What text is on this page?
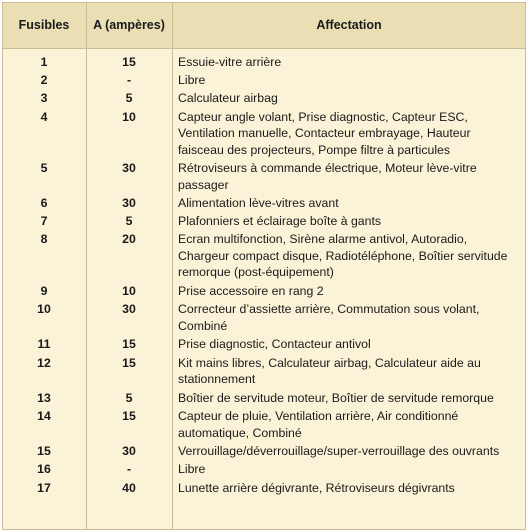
Fusibles	A (ampères)	Affectation
1	15	Essuie-vitre arrière
2	-	Libre
3	5	Calculateur airbag
4	10	Capteur angle volant, Prise diagnostic, Capteur ESC, Ventilation manuelle, Contacteur embrayage, Hauteur faisceau des projecteurs, Pompe filtre à particules
5	30	Rétroviseurs à commande électrique, Moteur lève-vitre passager
6	30	Alimentation lève-vitres avant
7	5	Plafonniers et éclairage boîte à gants
8	20	Ecran multifonction, Sirène alarme antivol, Autoradio, Chargeur compact disque, Radiotéléphone, Boîtier servitude remorque (post-équipement)
9	10	Prise accessoire en rang 2
10	30	Correcteur d’assiette arrière, Commutation sous volant, Combiné
11	15	Prise diagnostic, Contacteur antivol
12	15	Kit mains libres, Calculateur airbag, Calculateur aide au stationnement
13	5	Boîtier de servitude moteur, Boîtier de servitude remorque
14	15	Capteur de pluie, Ventilation arrière, Air conditionné automatique, Combiné
15	30	Verrouillage/déverrouillage/super-verrouillage des ouvrants
16	-	Libre
17	40	Lunette arrière dégivrante, Rétroviseurs dégivrants
